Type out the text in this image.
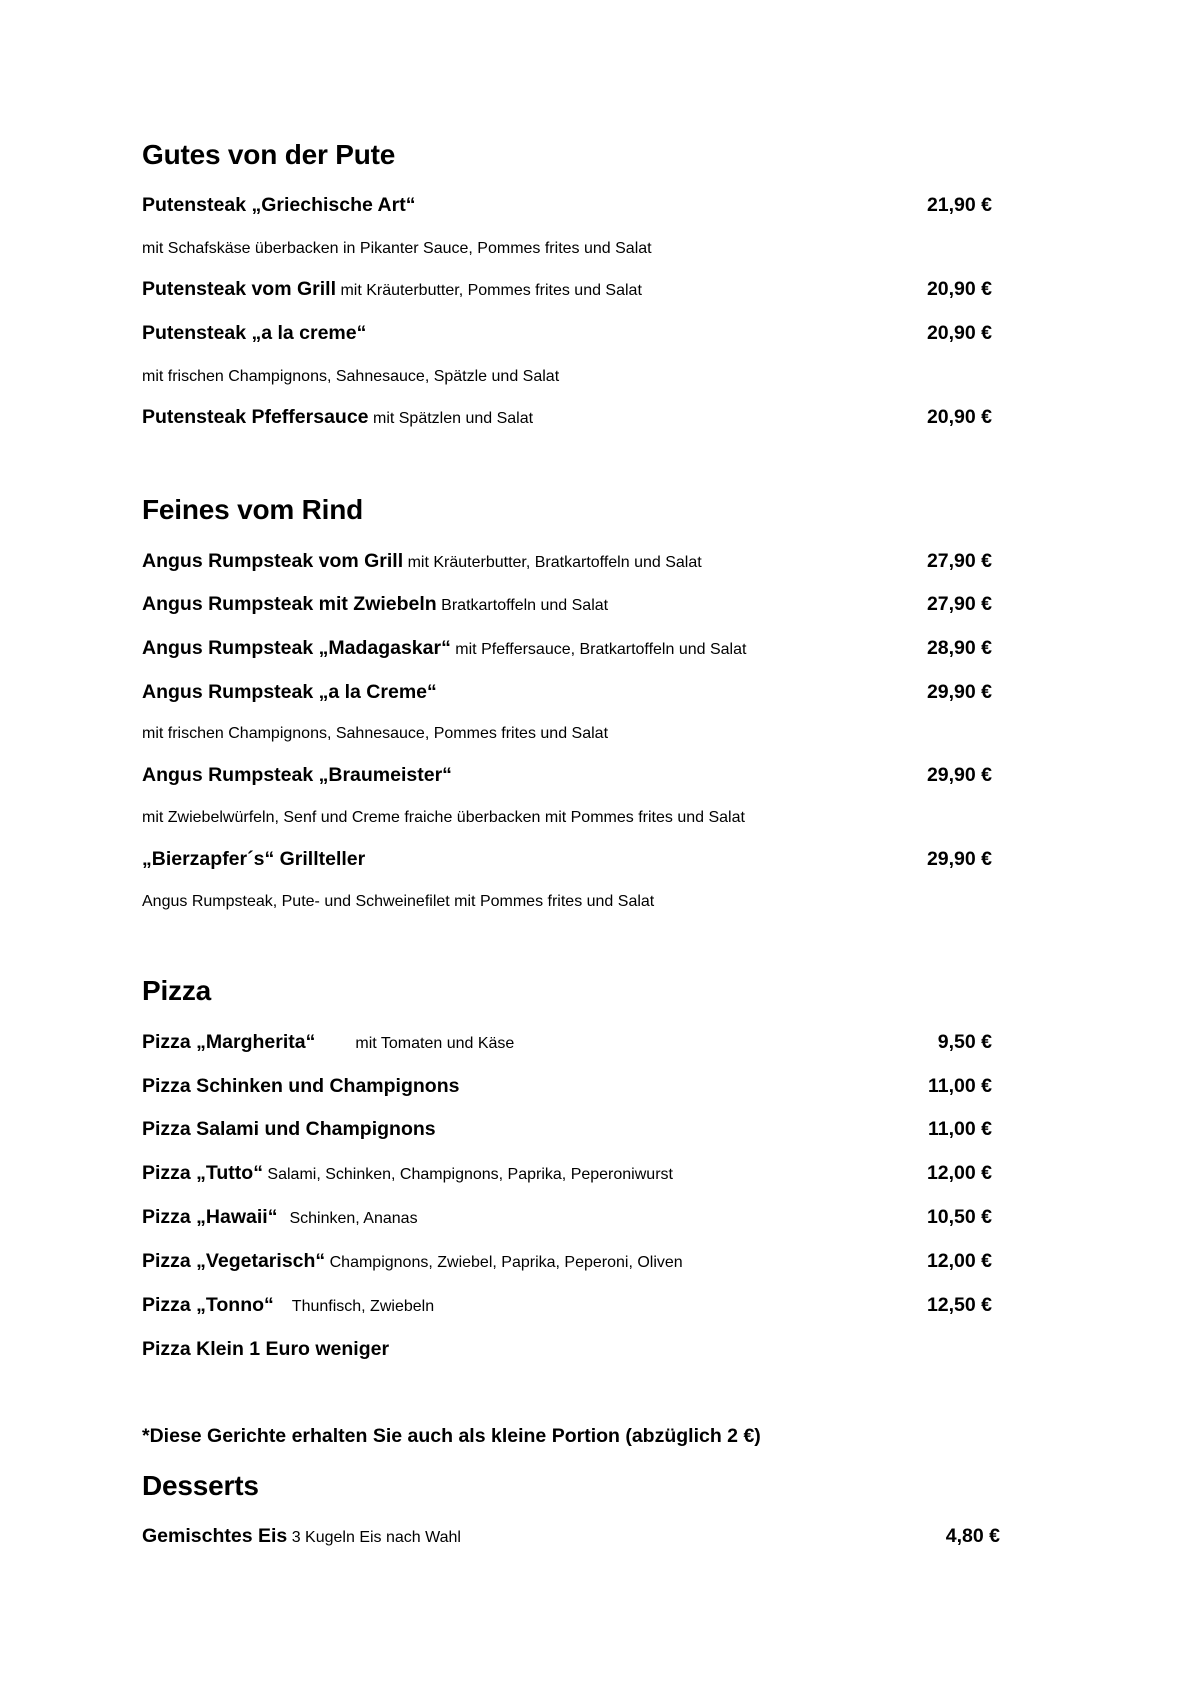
Gutes von der Pute
Putensteak „Griechische Art“	21,90 €
mit Schafskäse überbacken in Pikanter Sauce, Pommes frites und Salat
Putensteak vom Grill mit Kräuterbutter, Pommes frites und Salat	20,90 €
Putensteak „a la creme“	20,90 €
mit frischen Champignons, Sahnesauce, Spätzle und Salat
Putensteak Pfeffersauce mit Spätzlen und Salat	20,90 €
Feines vom Rind
Angus Rumpsteak vom Grill mit Kräuterbutter, Bratkartoffeln und Salat	27,90 €
Angus Rumpsteak mit Zwiebeln Bratkartoffeln und Salat	27,90 €
Angus Rumpsteak „Madagaskar“ mit Pfeffersauce, Bratkartoffeln und Salat	28,90 €
Angus Rumpsteak „a la Creme“	29,90 €
mit frischen Champignons, Sahnesauce, Pommes frites und Salat
Angus Rumpsteak „Braumeister“	29,90 €
mit Zwiebelwürfeln, Senf und Creme fraiche überbacken mit Pommes frites und Salat
„Bierzapfer´s“ Grillteller	29,90 €
Angus Rumpsteak, Pute- und Schweinefilet mit Pommes frites und Salat
Pizza
Pizza „Margherita“	mit Tomaten und Käse	9,50 €
Pizza Schinken und Champignons	11,00 €
Pizza Salami und Champignons	11,00 €
Pizza „Tutto“ Salami, Schinken, Champignons, Paprika, Peperoniwurst	12,00 €
Pizza „Hawaii“ Schinken, Ananas	10,50 €
Pizza „Vegetarisch“ Champignons, Zwiebel, Paprika, Peperoni, Oliven	12,00 €
Pizza „Tonno“ Thunfisch, Zwiebeln	12,50 €
Pizza Klein 1 Euro weniger
*Diese Gerichte erhalten Sie auch als kleine Portion (abzüglich 2 €)
Desserts
Gemischtes Eis 3 Kugeln Eis nach Wahl	4,80 €
